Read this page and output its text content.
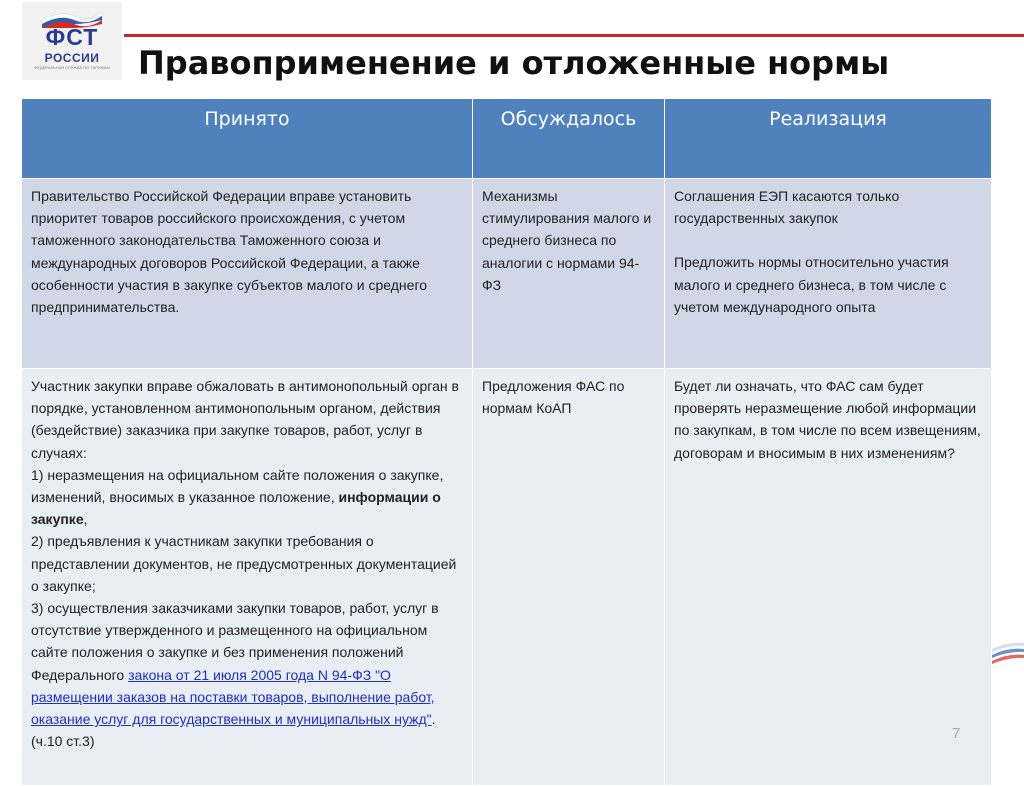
ФСТ
РОССИИ
ФЕДЕРАЛЬНАЯ СЛУЖБА ПО ТАРИФАМ Правоприменение и отложенные нормы
Принято	Обсуждалось	Реализация

Правительство Российской Федерации вправе установить приоритет товаров российского происхождения, с учетом таможенного законодательства Таможенного союза и международных договоров Российской Федерации, а также особенности участия в закупке субъектов малого и среднего предпринимательства.	Механизмы стимулирования малого и среднего бизнеса по аналогии с нормами 94-ФЗ	Соглашения ЕЭП касаются только государственных закупок
Предложить нормы относительно участия малого и среднего бизнеса, в том числе с учетом международного опыта

Участник закупки вправе обжаловать в антимонопольный орган в порядке, установленном антимонопольным органом, действия (бездействие) заказчика при закупке товаров, работ, услуг в случаях:
1) неразмещения на официальном сайте положения о закупке, изменений, вносимых в указанное положение, информации о закупке,
2) предъявления к участникам закупки требования о представлении документов, не предусмотренных документацией о закупке;
3) осуществления заказчиками закупки товаров, работ, услуг в отсутствие утвержденного и размещенного на официальном сайте положения о закупке и без применения положений Федерального закона от 21 июля 2005 года N 94-ФЗ "О размещении заказов на поставки товаров, выполнение работ, оказание услуг для государственных и муниципальных нужд". (ч.10 ст.3)	Предложения ФАС по нормам КоАП	Будет ли означать, что ФАС сам будет проверять неразмещение любой информации по закупкам, в том числе по всем извещениям, договорам и вносимым в них изменениям?
7
